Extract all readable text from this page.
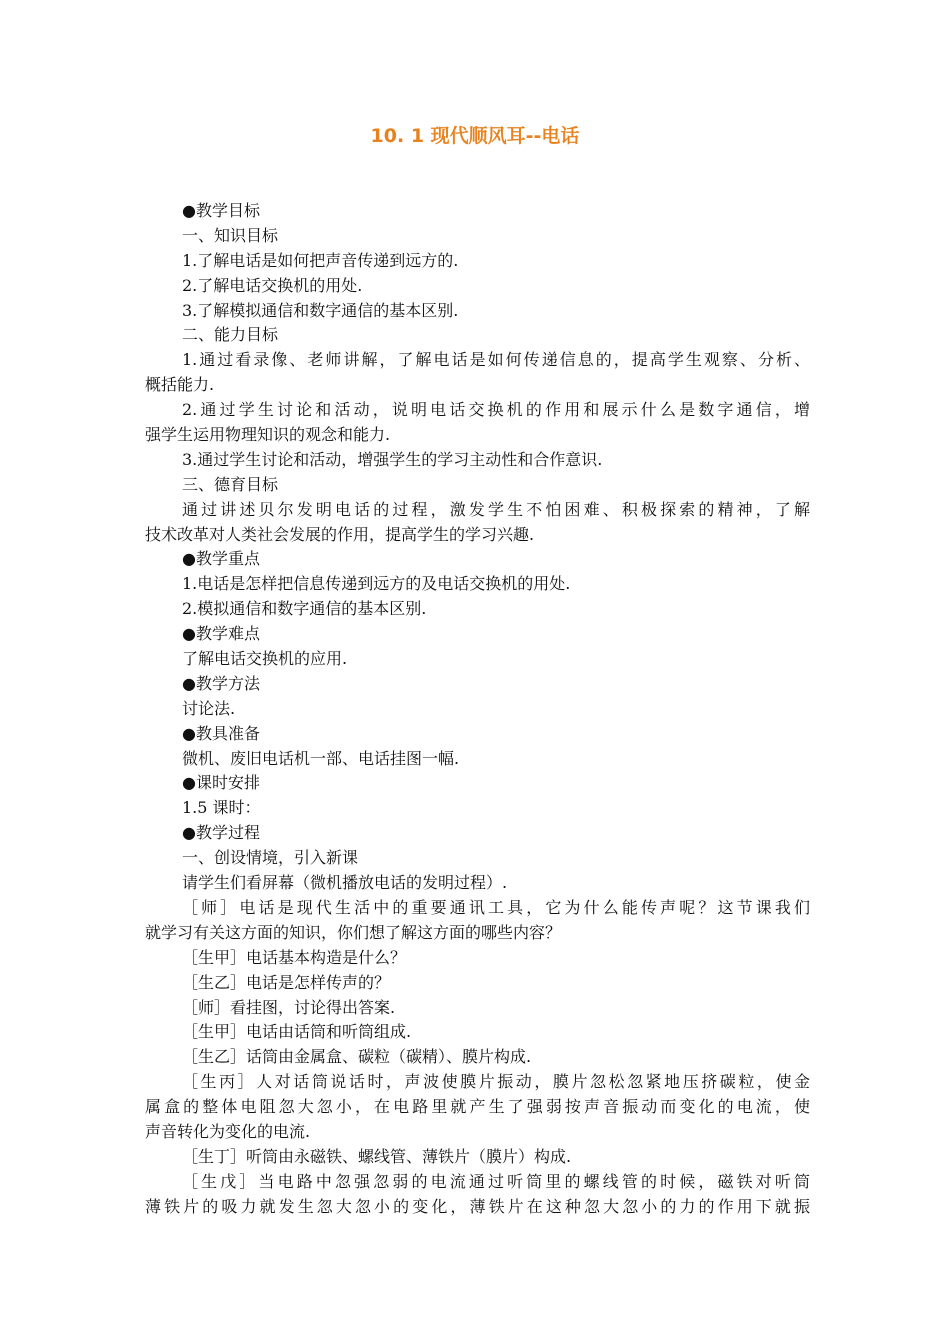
10. 1 现代顺风耳--电话
●教学目标
一、知识目标
1.了解电话是如何把声音传递到远方的.
2.了解电话交换机的用处.
3.了解模拟通信和数字通信的基本区别.
二、能力目标
1.通过看录像、老师讲解，了解电话是如何传递信息的，提高学生观察、分析、
概括能力.
2.通过学生讨论和活动，说明电话交换机的作用和展示什么是数字通信，增
强学生运用物理知识的观念和能力.
3.通过学生讨论和活动，增强学生的学习主动性和合作意识.
三、德育目标
通过讲述贝尔发明电话的过程，激发学生不怕困难、积极探索的精神，了解
技术改革对人类社会发展的作用，提高学生的学习兴趣.
●教学重点
1.电话是怎样把信息传递到远方的及电话交换机的用处.
2.模拟通信和数字通信的基本区别.
●教学难点
了解电话交换机的应用.
●教学方法
讨论法.
●教具准备
微机、废旧电话机一部、电话挂图一幅.
●课时安排
1.5 课时：
●教学过程
一、创设情境，引入新课
请学生们看屏幕（微机播放电话的发明过程）.
［师］电话是现代生活中的重要通讯工具，它为什么能传声呢？这节课我们
就学习有关这方面的知识，你们想了解这方面的哪些内容？
［生甲］电话基本构造是什么？
［生乙］电话是怎样传声的？
［师］看挂图，讨论得出答案.
［生甲］电话由话筒和听筒组成.
［生乙］话筒由金属盒、碳粒（碳精）、膜片构成.
［生丙］人对话筒说话时，声波使膜片振动，膜片忽松忽紧地压挤碳粒，使金
属盒的整体电阻忽大忽小，在电路里就产生了强弱按声音振动而变化的电流，使
声音转化为变化的电流.
［生丁］听筒由永磁铁、螺线管、薄铁片（膜片）构成.
［生戊］当电路中忽强忽弱的电流通过听筒里的螺线管的时候，磁铁对听筒
薄铁片的吸力就发生忽大忽小的变化，薄铁片在这种忽大忽小的力的作用下就振
